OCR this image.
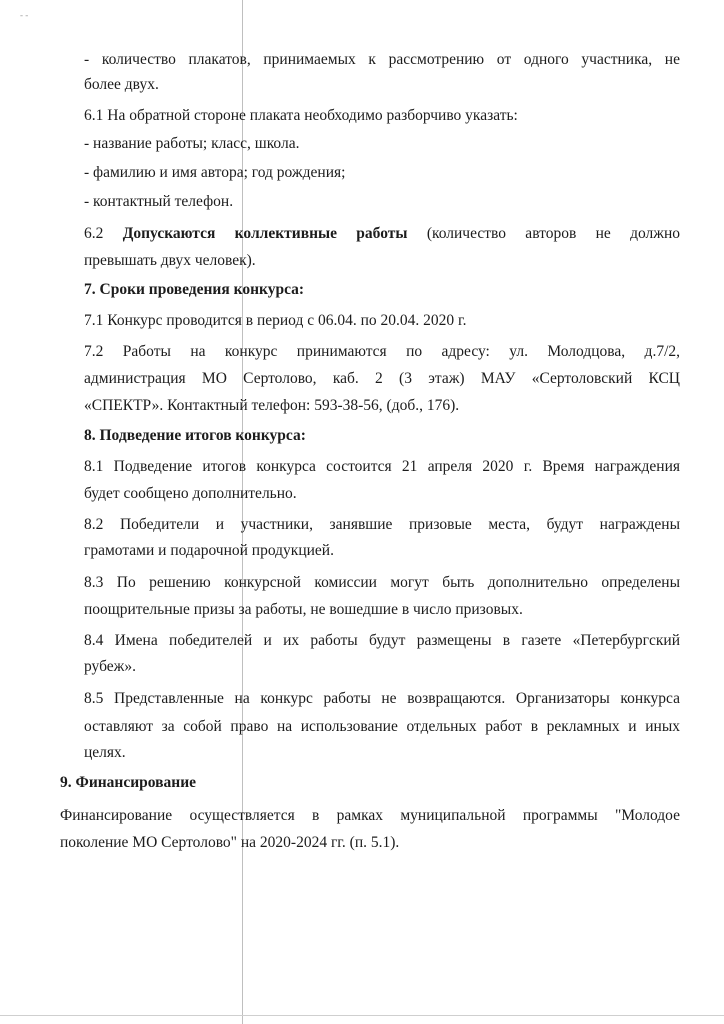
- -
- количество плакатов, принимаемых к рассмотрению от одного участника, не
более двух.
6.1 На обратной стороне плаката необходимо разборчиво указать:
- название работы; класс, школа.
- фамилию и имя автора; год рождения;
- контактный телефон.
6.2 Допускаются коллективные работы (количество авторов не должно
превышать двух человек).
7. Сроки проведения конкурса:
7.1 Конкурс проводится в период с 06.04. по 20.04. 2020 г.
7.2 Работы на конкурс принимаются по адресу: ул. Молодцова, д.7/2,
администрация МО Сертолово, каб. 2 (3 этаж) МАУ «Сертоловский КСЦ
«СПЕКТР». Контактный телефон: 593-38-56, (доб., 176).
8. Подведение итогов конкурса:
8.1 Подведение итогов конкурса состоится 21 апреля 2020 г. Время награждения
будет сообщено дополнительно.
8.2 Победители и участники, занявшие призовые места, будут награждены
грамотами и подарочной продукцией.
8.3 По решению конкурсной комиссии могут быть дополнительно определены
поощрительные призы за работы, не вошедшие в число призовых.
8.4 Имена победителей и их работы будут размещены в газете «Петербургский
рубеж».
8.5 Представленные на конкурс работы не возвращаются. Организаторы конкурса
оставляют за собой право на использование отдельных работ в рекламных и иных
целях.
9. Финансирование
Финансирование осуществляется в рамках муниципальной программы "Молодое
поколение МО Сертолово" на 2020-2024 гг. (п. 5.1).
